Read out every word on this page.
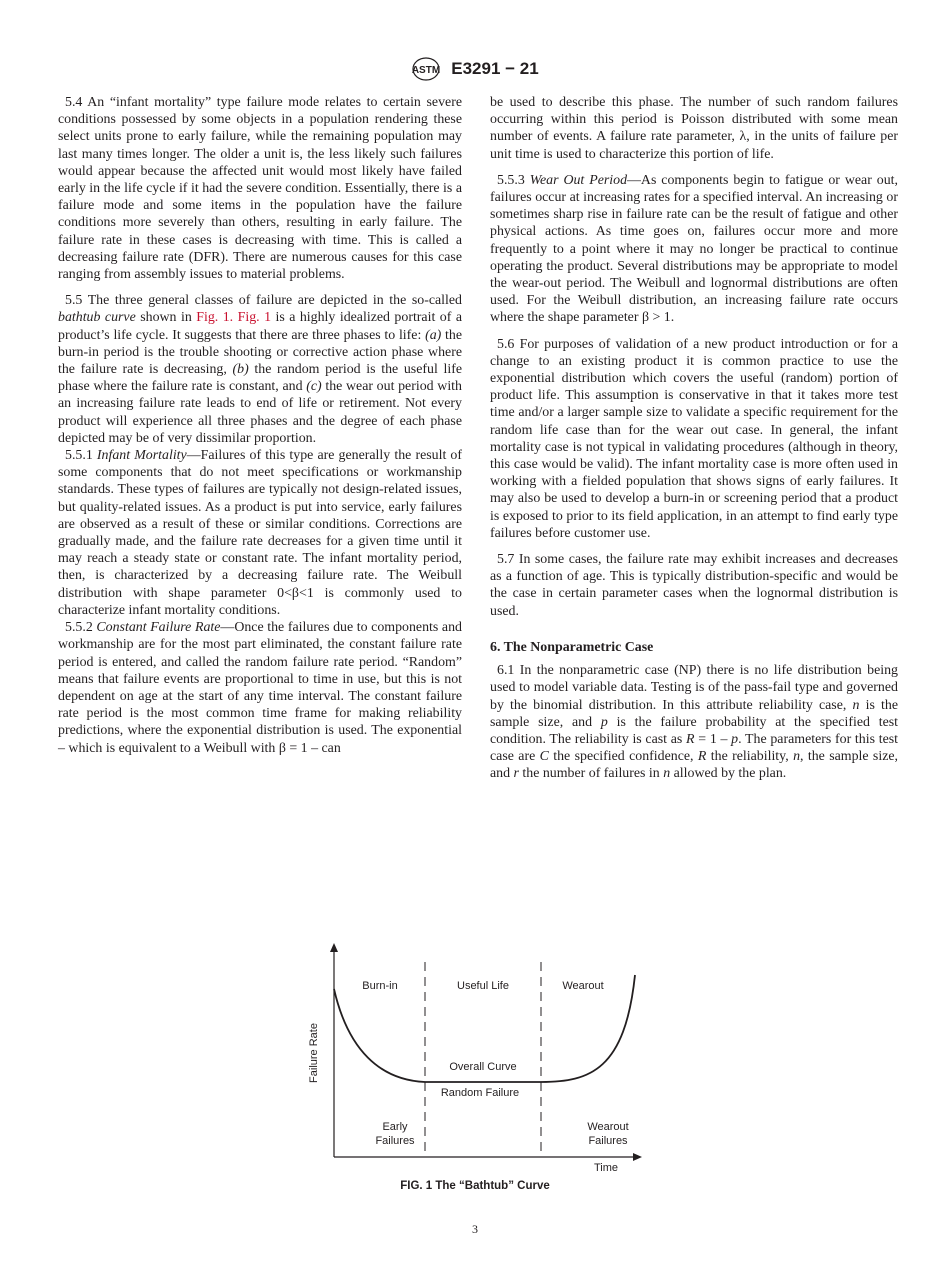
ASTM E3291 − 21

5.4 An “infant mortality” type failure mode relates to certain severe conditions possessed by some objects in a population rendering these select units prone to early failure, while the remaining population may last many times longer. The older a unit is, the less likely such failures would appear because the affected unit would most likely have failed early in the life cycle if it had the severe condition. Essentially, there is a failure mode and some items in the population have the failure conditions more severely than others, resulting in early failure. The failure rate in these cases is decreasing with time. This is called a decreasing failure rate (DFR). There are numerous causes for this case ranging from assembly issues to material problems.

5.5 The three general classes of failure are depicted in the so-called bathtub curve shown in Fig. 1. Fig. 1 is a highly idealized portrait of a product’s life cycle. It suggests that there are three phases to life: (a) the burn-in period is the trouble shooting or corrective action phase where the failure rate is decreasing, (b) the random period is the useful life phase where the failure rate is constant, and (c) the wear out period with an increasing failure rate leads to end of life or retirement. Not every product will experience all three phases and the degree of each phase depicted may be of very dissimilar proportion.

5.5.1 Infant Mortality—Failures of this type are generally the result of some components that do not meet specifications or workmanship standards. These types of failures are typically not design-related issues, but quality-related issues. As a product is put into service, early failures are observed as a result of these or similar conditions. Corrections are gradually made, and the failure rate decreases for a given time until it may reach a steady state or constant rate. The infant mortality period, then, is characterized by a decreasing failure rate. The Weibull distribution with shape parameter 0<β<1 is commonly used to characterize infant mortality conditions.

5.5.2 Constant Failure Rate—Once the failures due to components and workmanship are for the most part eliminated, the constant failure rate period is entered, and called the random failure rate period. “Random” means that failure events are proportional to time in use, but this is not dependent on age at the start of any time interval. The constant failure rate period is the most common time frame for making reliability predictions, where the exponential distribution is used. The exponential – which is equivalent to a Weibull with β = 1 – can

be used to describe this phase. The number of such random failures occurring within this period is Poisson distributed with some mean number of events. A failure rate parameter, λ, in the units of failure per unit time is used to characterize this portion of life.

5.5.3 Wear Out Period—As components begin to fatigue or wear out, failures occur at increasing rates for a specified interval. An increasing or sometimes sharp rise in failure rate can be the result of fatigue and other physical actions. As time goes on, failures occur more and more frequently to a point where it may no longer be practical to continue operating the product. Several distributions may be appropriate to model the wear-out period. The Weibull and lognormal distributions are often used. For the Weibull distribution, an increasing failure rate occurs where the shape parameter β > 1.

5.6 For purposes of validation of a new product introduction or for a change to an existing product it is common practice to use the exponential distribution which covers the useful (random) portion of product life. This assumption is conservative in that it takes more test time and/or a larger sample size to validate a specific requirement for the random life case than for the wear out case. In general, the infant mortality case is not typical in validating procedures (although in theory, this case would be valid). The infant mortality case is more often used in working with a fielded population that shows signs of early failures. It may also be used to develop a burn-in or screening period that a product is exposed to prior to its field application, in an attempt to find early type failures before customer use.

5.7 In some cases, the failure rate may exhibit increases and decreases as a function of age. This is typically distribution-specific and would be the case in certain parameter cases when the lognormal distribution is used.

6. The Nonparametric Case

6.1 In the nonparametric case (NP) there is no life distribution being used to model variable data. Testing is of the pass-fail type and governed by the binomial distribution. In this attribute reliability case, n is the sample size, and p is the failure probability at the specified test condition. The reliability is cast as R = 1 – p. The parameters for this test case are C the specified confidence, R the reliability, n, the sample size, and r the number of failures in n allowed by the plan.

Burn-in	Useful Life	Wearout
Overall Curve
Random Failure
Early
Failures
Wearout
Failures
Time
Failure Rate
FIG. 1 The “Bathtub” Curve
3
